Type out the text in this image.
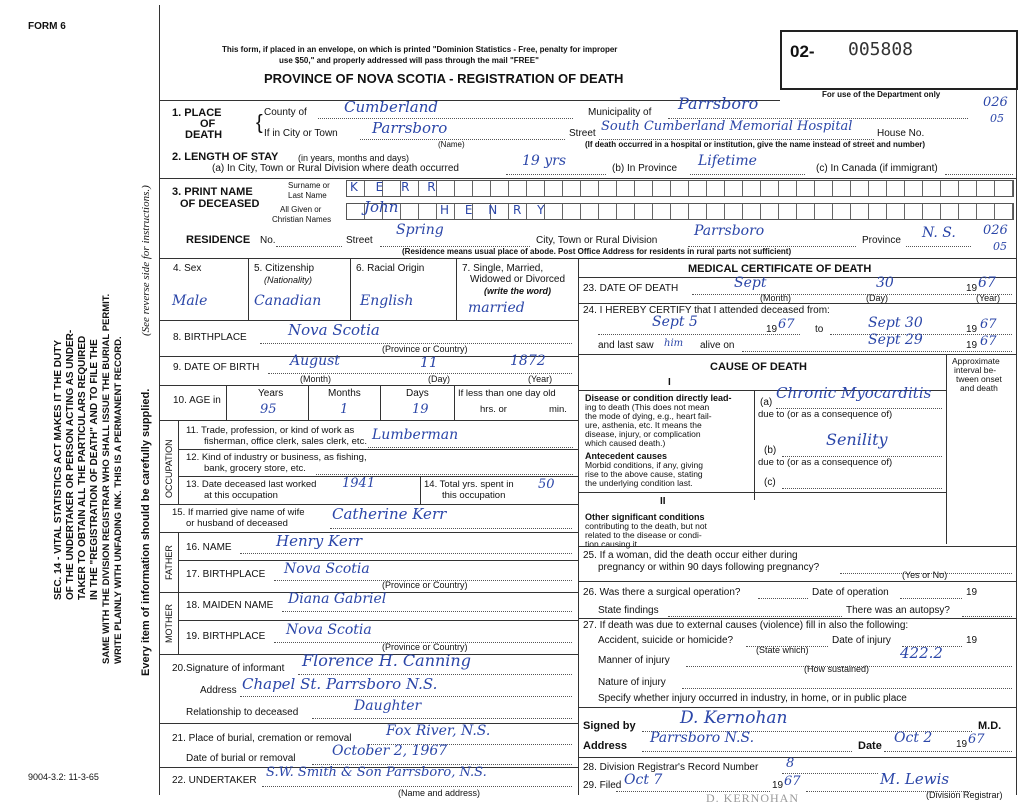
FORM 6
This form, if placed in an envelope, on which is printed "Dominion Statistics - Free, penalty for improper
use $50," and properly addressed will pass through the mail "FREE"
PROVINCE OF NOVA SCOTIA - REGISTRATION OF DEATH
02- 005808
For use of the Department only
026
05
SEC. 14 - VITAL STATISTICS ACT MAKES IT THE DUTY OF THE UNDERTAKER OR PERSON ACTING AS UNDER- TAKER TO OBTAIN ALL THE PARTICULARS REQUIRED IN THE "REGISTRATION OF DEATH" AND TO FILE THE SAME WITH THE DIVISION REGISTRAR WHO SHALL ISSUE THE BURIAL PERMIT. WRITE PLAINLY WITH UNFADING INK. THIS IS A PERMANENT RECORD. Every item of information should be carefully supplied.
(See reverse side for instructions.)
1. PLACE
OF
DEATH
{ County of Cumberland	Municipality of Parrsboro
If in City or Town Parrsboro
(Name)
Street South Cumberland Memorial Hospital House No.
(If death occurred in a hospital or institution, give the name instead of street and number)
2. LENGTH OF STAY (in years, months and days)
(a) In City, Town or Rural Division where death occurred	19 yrs	(b) In Province Lifetime	(c) In Canada (if immigrant)
3. PRINT NAME
OF DECEASED
Surname or
Last Name
All Given or
Christian Names
K E R R
John	H E N R Y
RESIDENCE No.	Street
Spring
City, Town or Rural Division
Parrsboro
Province N. S. 026
05
(Residence means usual place of abode. Post Office Address for residents in rural parts not sufficient)
4. Sex
Male
5. Citizenship
(Nationality)
Canadian
6. Racial Origin
English
7. Single, Married,
Widowed or Divorced
(write the word)
married
8. BIRTHPLACE	Nova Scotia
(Province or Country)
9. DATE OF BIRTH August	11	1872
(Month)	(Day)	(Year)
10. AGE in
Years
95
Months
1
Days
19
If less than one day old
hrs. or	min.
OCCUPATION
11. Trade, profession, or kind of work as
fisherman, office clerk, sales clerk, etc. Lumberman
12. Kind of industry or business, as fishing,
bank, grocery store, etc.
13. Date deceased last worked
at this occupation
1941	14. Total yrs. spent in
this occupation
50
15. If married give name of wife
or husband of deceased
Catherine Kerr
FATHER 16. NAME	Henry Kerr
17. BIRTHPLACE Nova Scotia
(Province or Country)
MOTHER 18. MAIDEN NAME Diana Gabriel
19. BIRTHPLACE Nova Scotia
(Province or Country)
20. Signature of informant Florence H. Canning
Address Chapel St. Parrsboro N.S.
Relationship to deceased	Daughter
21. Place of burial, cremation or removal Fox River, N.S.
Date of burial or removal	October 2, 1967
22. UNDERTAKER
S.W. Smith & Son Parrsboro, N.S.
(Name and address)
9004-3.2: 11-3-65
MEDICAL CERTIFICATE OF DEATH
23. DATE OF DEATH	Sept	30	19 67
(Month)	(Day)	(Year)
24. I HEREBY CERTIFY that I attended deceased from:
Sept 5	19 67 to	Sept 30	19 67
and last saw him alive on	Sept 29	19 67
CAUSE OF DEATH	Approximate
interval be-
tween onset
and death
I
Disease or condition directly lead-
ing to death (This does not mean
the mode of dying, e.g., heart fail-
ure, asthenia, etc. It means the
disease, injury, or complication
which caused death.)
(a)
Chronic Myocarditis
due to (or as a consequence of)
Antecedent causes
Morbid conditions, if any, giving
rise to the above cause, stating
the underlying condition last.
(b)
Senility
due to (or as a consequence of)
(c)
II
Other significant conditions
contributing to the death, but not
related to the disease or condi-
tion causing it.
25. If a woman, did the death occur either during
pregnancy or within 90 days following pregnancy?
(Yes or No)
26. Was there a surgical operation?	Date of operation	19
State findings	There was an autopsy?
27. If death was due to external causes (violence) fill in also the following:
Accident, suicide or homicide?	Date of injury	19
(State which)
Manner of injury	422.2
(How sustained)
Nature of injury
Specify whether injury occurred in industry, in home, or in public place
Signed by	D. Kernohan	M.D.
Address Parrsboro N.S.	Date Oct 2 19 67
28. Division Registrar's Record Number 8
29. Filed Oct 7	19 67	M. Lewis
(Division Registrar)
D. KERNOHAN
